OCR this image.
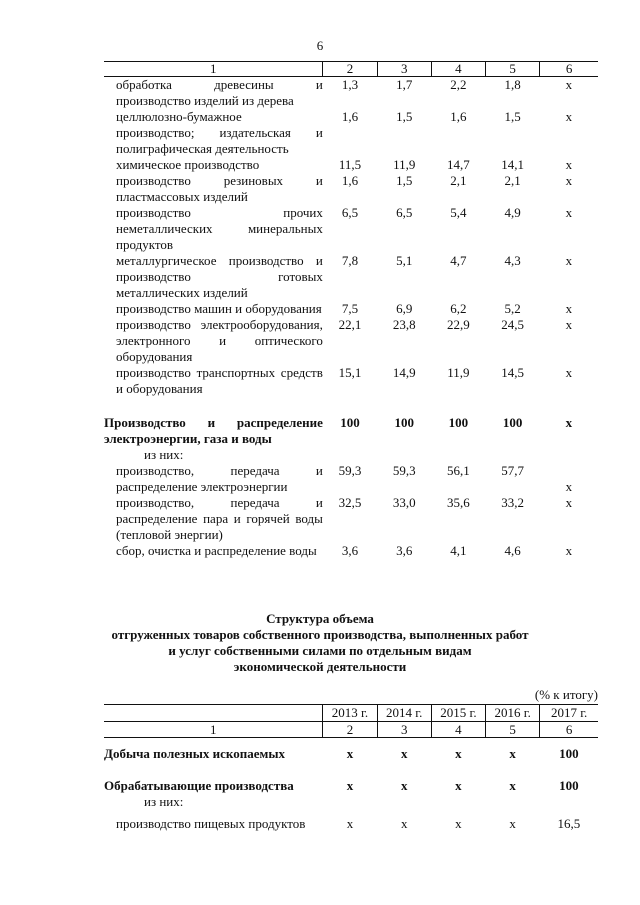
6
1	2	3	4	5	6
обработка древесины и производство изделий из дерева	1,3	1,7	2,2	1,8	x
целлюлозно-бумажное производство; издательская и полиграфическая деятельность	1,6	1,5	1,6	1,5	x
химическое производство	11,5	11,9	14,7	14,1	x
производство резиновых и пластмассовых изделий	1,6	1,5	2,1	2,1	x
производство прочих неметаллических минеральных продуктов	6,5	6,5	5,4	4,9	x
металлургическое производство и производство готовых металлических изделий	7,8	5,1	4,7	4,3	x
производство машин и оборудования	7,5	6,9	6,2	5,2	x
производство электрооборудования, электронного и оптического оборудования	22,1	23,8	22,9	24,5	x
производство транспортных средств и оборудования	15,1	14,9	11,9	14,5	x
Производство и распределение электроэнергии, газа и воды	100	100	100	100	x
из них:					
производство, передача и распределение электроэнергии	59,3	59,3	56,1	57,7	x
производство, передача и распределение пара и горячей воды (тепловой энергии)	32,5	33,0	35,6	33,2	x
сбор, очистка и распределение воды	3,6	3,6	4,1	4,6	x
Структура объема
отгруженных товаров собственного производства, выполненных работ
и услуг собственными силами по отдельным видам
экономической деятельности
(% к итогу)
	2013 г.	2014 г.	2015 г.	2016 г.	2017 г.
1	2	3	4	5	6
Добыча полезных ископаемых	x	x	x	x	100
Обрабатывающие производства	x	x	x	x	100
из них:					
производство пищевых продуктов	x	x	x	x	16,5
